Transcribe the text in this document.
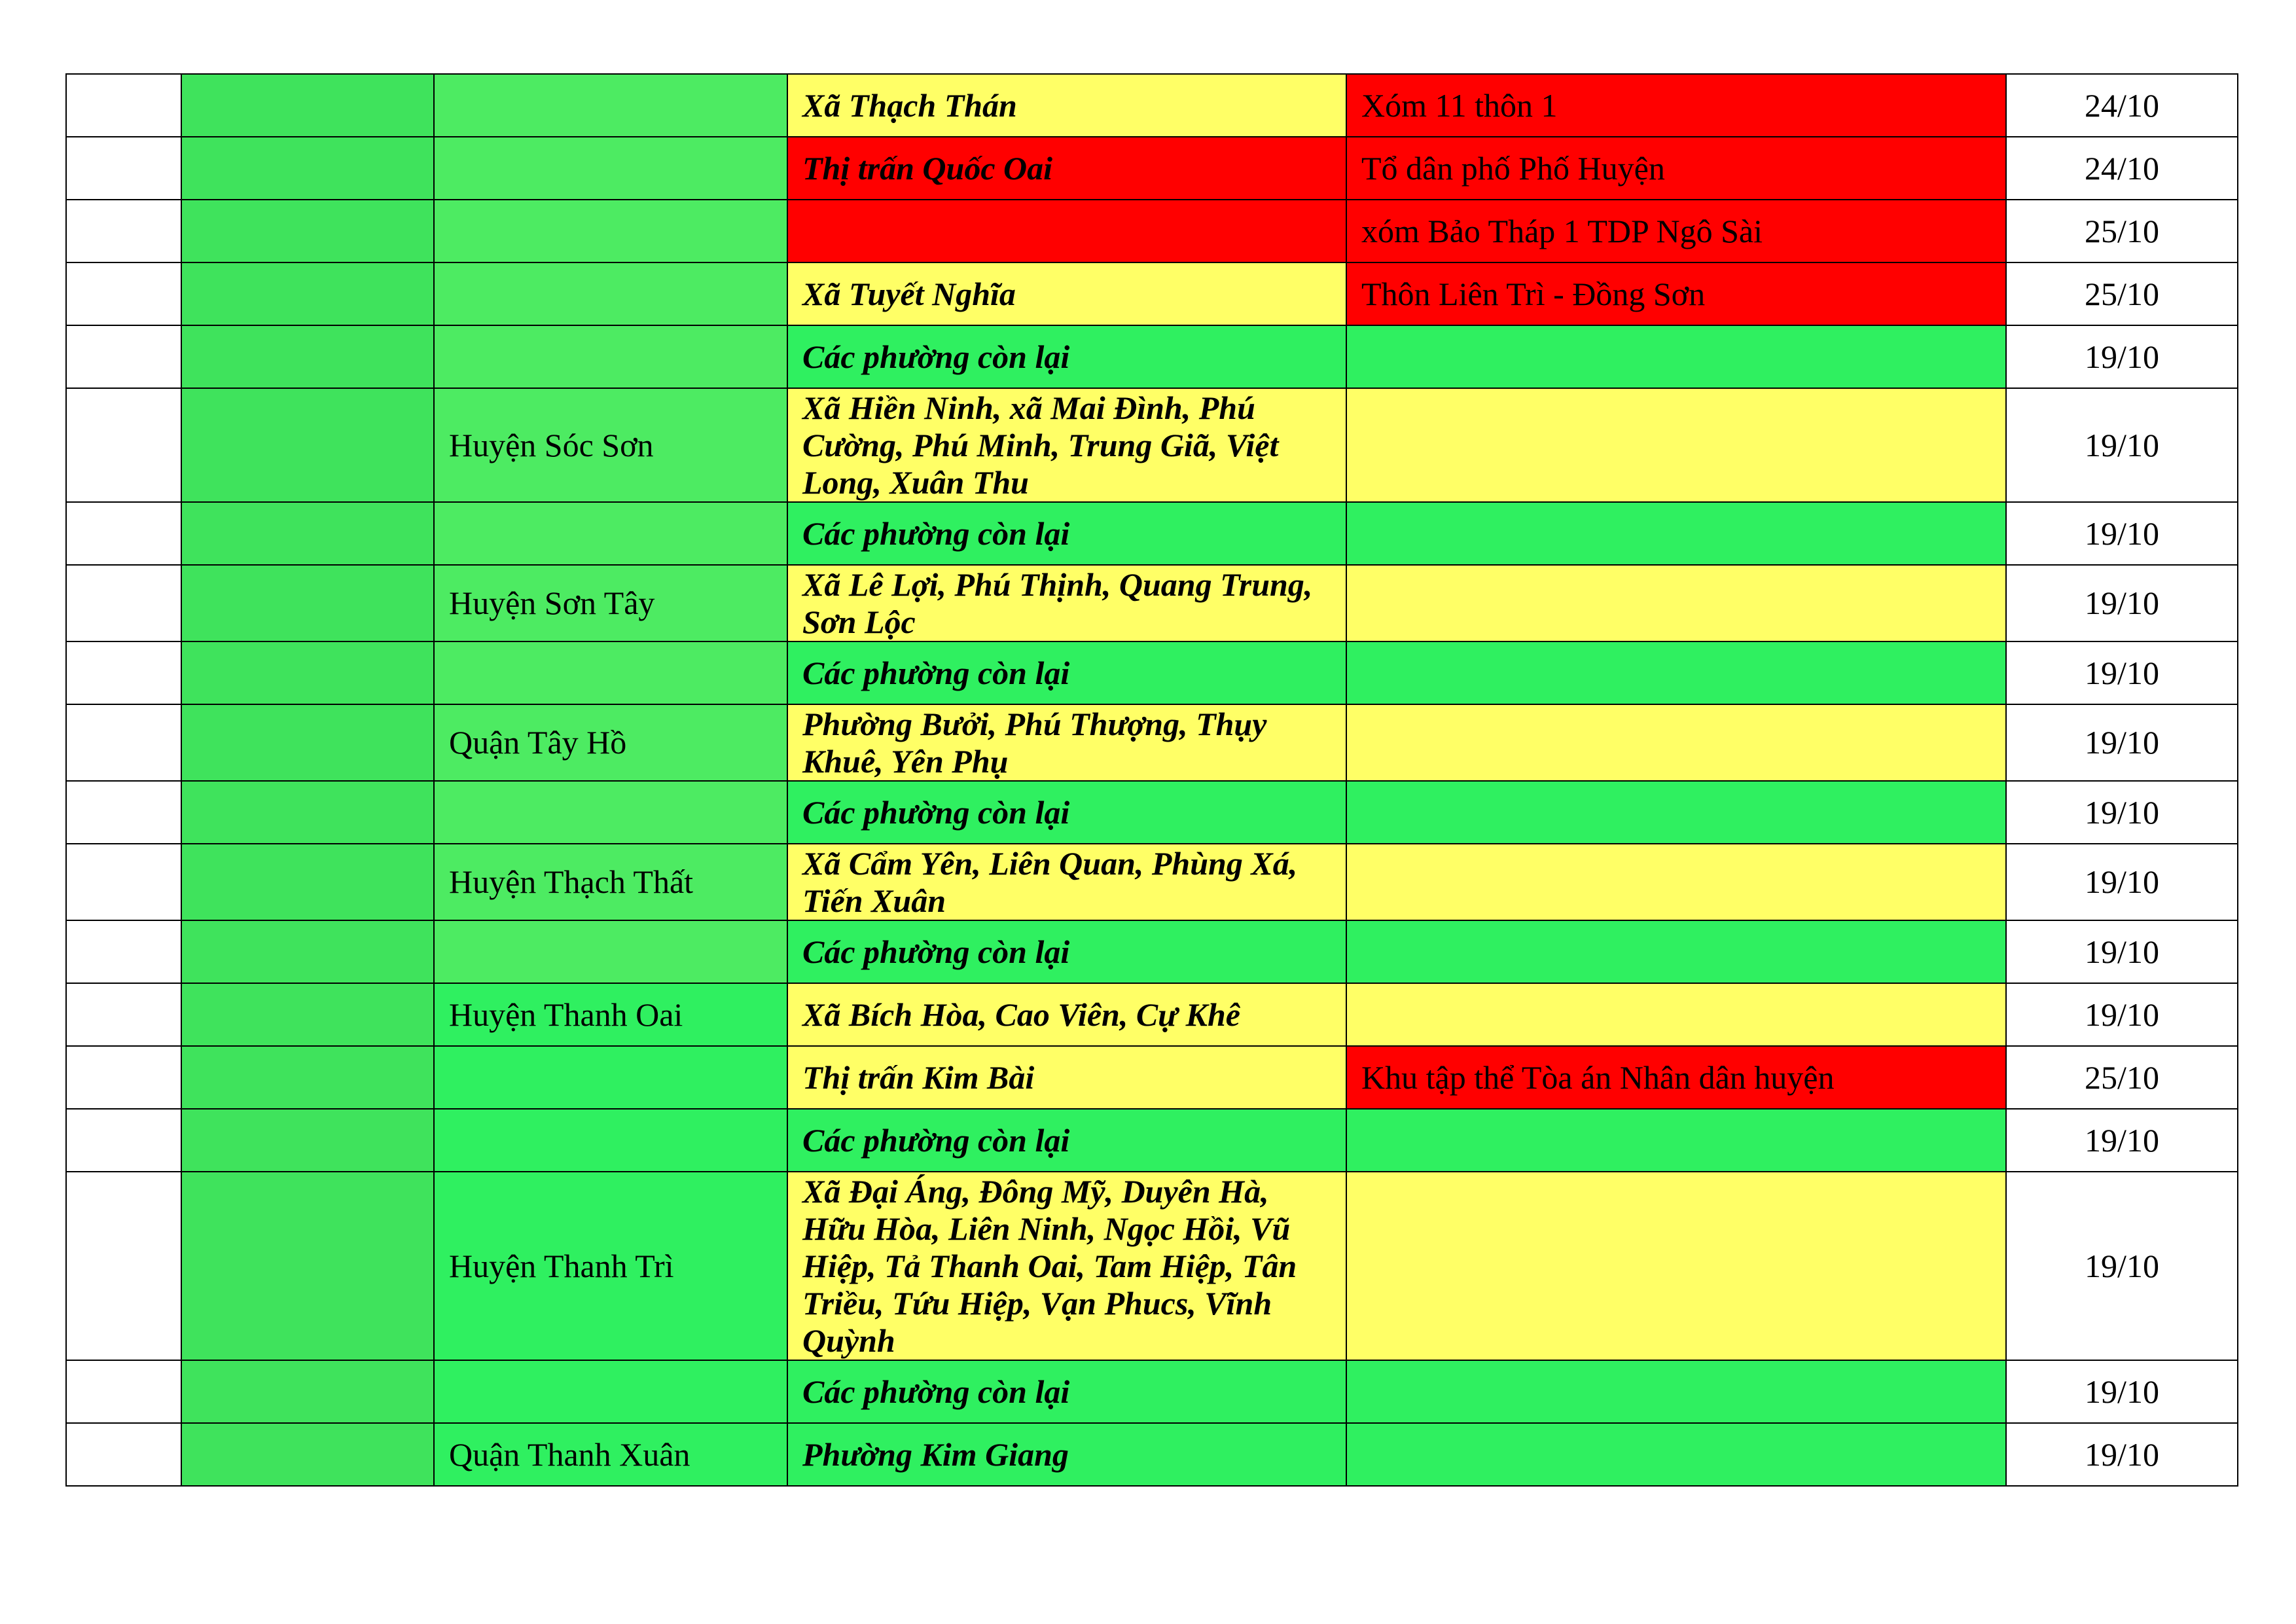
			Xã Thạch Thán	Xóm 11 thôn 1	24/10
			Thị trấn Quốc Oai	Tổ dân phố Phố Huyện	24/10
				xóm Bảo Tháp 1 TDP Ngô Sài	25/10
			Xã Tuyết Nghĩa	Thôn Liên Trì - Đồng Sơn	25/10
			Các phường còn lại		19/10
		Huyện Sóc Sơn	Xã Hiền Ninh, xã Mai Đình, Phú Cường, Phú Minh, Trung Giã, Việt Long, Xuân Thu		19/10
			Các phường còn lại		19/10
		Huyện Sơn Tây	Xã Lê Lợi, Phú Thịnh, Quang Trung, Sơn Lộc		19/10
			Các phường còn lại		19/10
		Quận Tây Hồ	Phường Bưởi, Phú Thượng, Thụy Khuê, Yên Phụ		19/10
			Các phường còn lại		19/10
		Huyện Thạch Thất	Xã Cẩm Yên, Liên Quan, Phùng Xá, Tiến Xuân		19/10
			Các phường còn lại		19/10
		Huyện Thanh Oai	Xã Bích Hòa, Cao Viên, Cự Khê		19/10
			Thị trấn Kim Bài	Khu tập thể Tòa án Nhân dân huyện	25/10
			Các phường còn lại		19/10
		Huyện Thanh Trì	Xã Đại Áng, Đông Mỹ, Duyên Hà, Hữu Hòa, Liên Ninh, Ngọc Hồi, Vũ Hiệp, Tả Thanh Oai, Tam Hiệp, Tân Triều, Tứu Hiệp, Vạn Phucs, Vĩnh Quỳnh		19/10
			Các phường còn lại		19/10
		Quận Thanh Xuân	Phường Kim Giang		19/10
